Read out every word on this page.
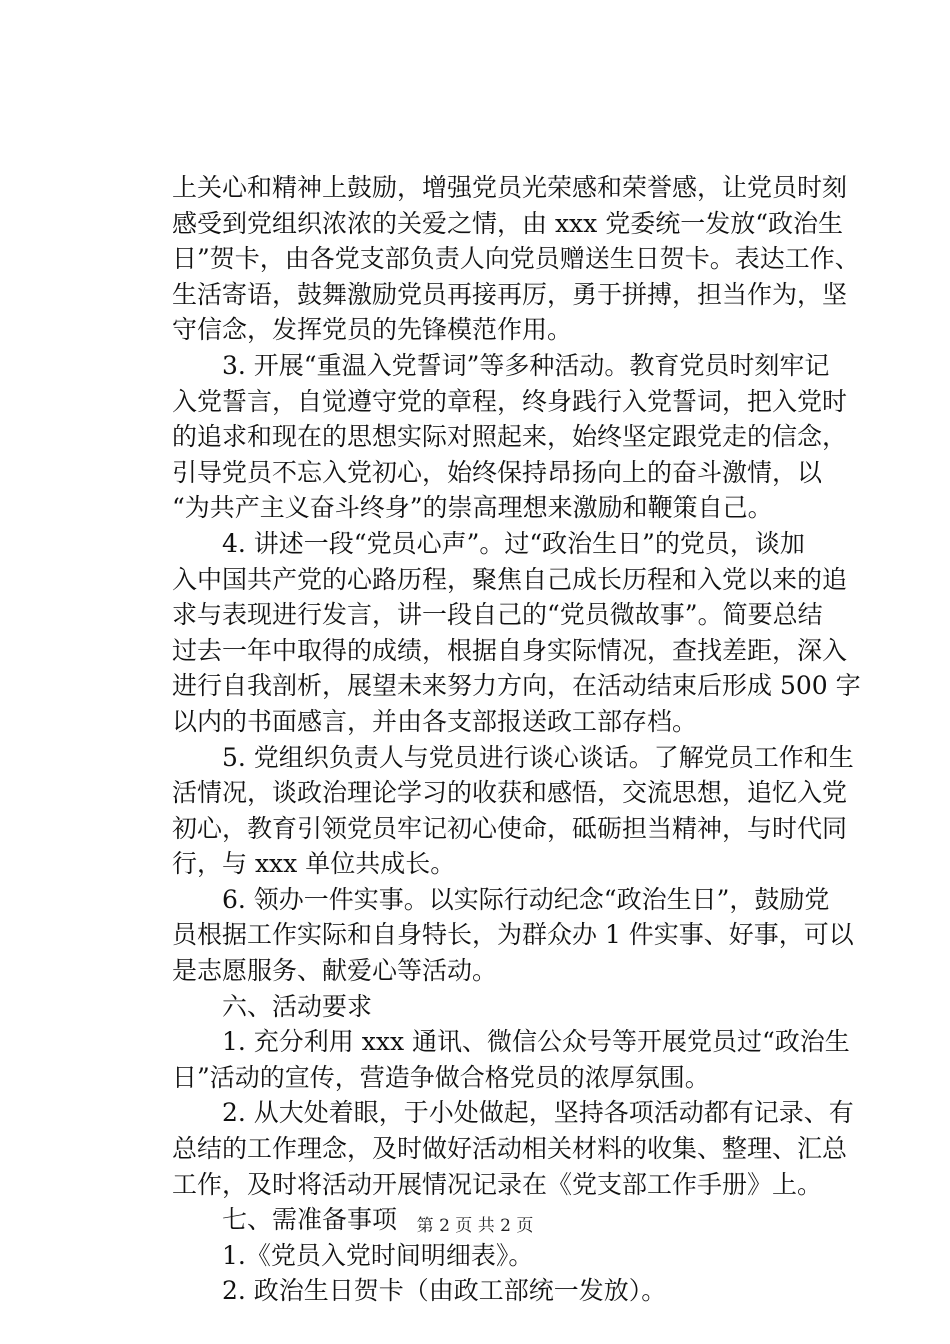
上关心和精神上鼓励，增强党员光荣感和荣誉感，让党员时刻
感受到党组织浓浓的关爱之情，由 xxx 党委统一发放“政治生
日”贺卡，由各党支部负责人向党员赠送生日贺卡。表达工作、
生活寄语，鼓舞激励党员再接再厉，勇于拼搏，担当作为，坚
守信念，发挥党员的先锋模范作用。
3. 开展“重温入党誓词”等多种活动。教育党员时刻牢记
入党誓言，自觉遵守党的章程，终身践行入党誓词，把入党时
的追求和现在的思想实际对照起来，始终坚定跟党走的信念，
引导党员不忘入党初心，始终保持昂扬向上的奋斗激情，以
“为共产主义奋斗终身”的崇高理想来激励和鞭策自己。
4. 讲述一段“党员心声”。过“政治生日”的党员，谈加
入中国共产党的心路历程，聚焦自己成长历程和入党以来的追
求与表现进行发言，讲一段自己的“党员微故事”。简要总结
过去一年中取得的成绩，根据自身实际情况，查找差距，深入
进行自我剖析，展望未来努力方向，在活动结束后形成 500 字
以内的书面感言，并由各支部报送政工部存档。
5. 党组织负责人与党员进行谈心谈话。了解党员工作和生
活情况，谈政治理论学习的收获和感悟，交流思想，追忆入党
初心，教育引领党员牢记初心使命，砥砺担当精神，与时代同
行，与 xxx 单位共成长。
6. 领办一件实事。以实际行动纪念“政治生日”，鼓励党
员根据工作实际和自身特长，为群众办 1 件实事、好事，可以
是志愿服务、献爱心等活动。
六、活动要求
1. 充分利用 xxx 通讯、微信公众号等开展党员过“政治生
日”活动的宣传，营造争做合格党员的浓厚氛围。
2. 从大处着眼，于小处做起，坚持各项活动都有记录、有
总结的工作理念，及时做好活动相关材料的收集、整理、汇总
工作，及时将活动开展情况记录在《党支部工作手册》上。
七、需准备事项
1.《党员入党时间明细表》。
2. 政治生日贺卡（由政工部统一发放）。
第 2 页 共 2 页
